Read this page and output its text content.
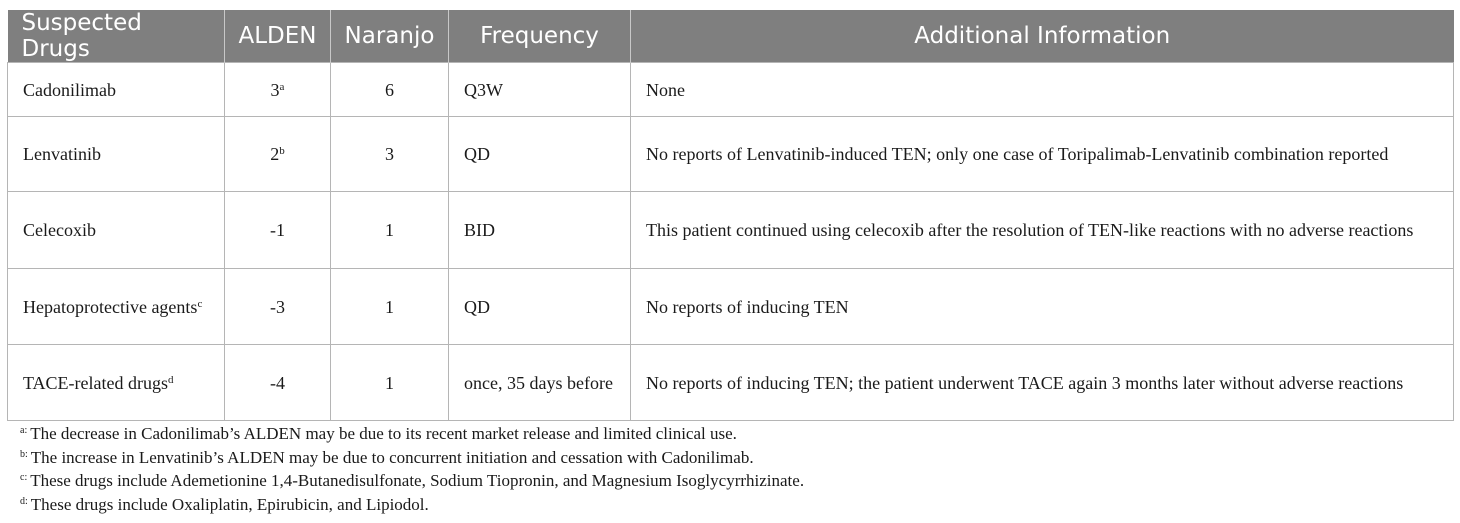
Suspected Drugs	ALDEN	Naranjo	Frequency	Additional Information
Cadonilimab	3$^a$	6	Q3W	None
Lenvatinib	2$^b$	3	QD	No reports of Lenvatinib-induced TEN; only one case of Toripalimab-Lenvatinib combination reported
Celecoxib	-1	1	BID	This patient continued using celecoxib after the resolution of TEN-like reactions with no adverse reactions
Hepatoprotective agents$^c$	-3	1	QD	No reports of inducing TEN
TACE-related drugs$^d$	-4	1	once, 35 days before	No reports of inducing TEN; the patient underwent TACE again 3 months later without adverse reactions
$^{a:}$ The decrease in Cadonilimab’s ALDEN may be due to its recent market release and limited clinical use.
$^{b:}$ The increase in Lenvatinib’s ALDEN may be due to concurrent initiation and cessation with Cadonilimab.
$^{c:}$ These drugs include Ademetionine 1,4-Butanedisulfonate, Sodium Tiopronin, and Magnesium Isoglycyrrhizinate.
$^{d:}$ These drugs include Oxaliplatin, Epirubicin, and Lipiodol.
